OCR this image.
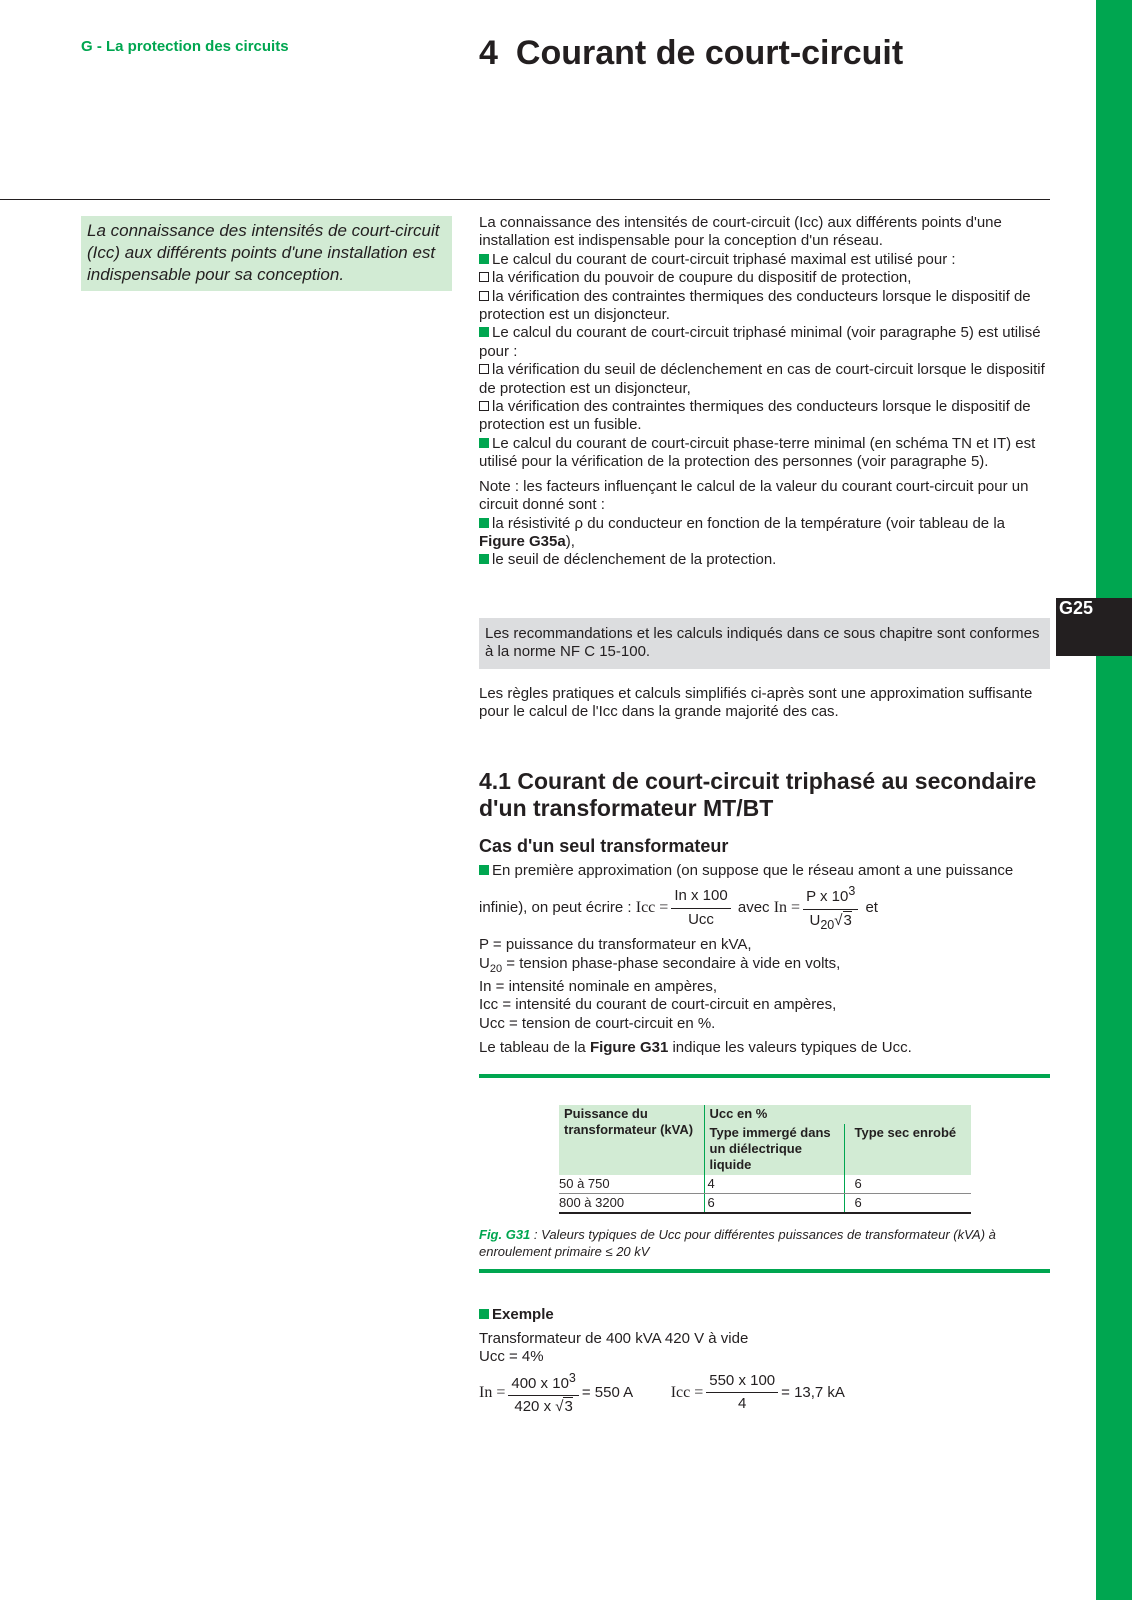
G25
G - La protection des circuits	4 Courant de court-circuit
La connaissance des intensités de court-circuit (Icc) aux différents points d'une installation est indispensable pour sa conception.
La connaissance des intensités de court-circuit (Icc) aux différents points d'une installation est indispensable pour la conception d'un réseau.
Le calcul du courant de court-circuit triphasé maximal est utilisé pour :
la vérification du pouvoir de coupure du dispositif de protection,
la vérification des contraintes thermiques des conducteurs lorsque le dispositif de protection est un disjoncteur.
Le calcul du courant de court-circuit triphasé minimal (voir paragraphe 5) est utilisé pour :
la vérification du seuil de déclenchement en cas de court-circuit lorsque le dispositif de protection est un disjoncteur,
la vérification des contraintes thermiques des conducteurs lorsque le dispositif de protection est un fusible.
Le calcul du courant de court-circuit phase-terre minimal (en schéma TN et IT) est utilisé pour la vérification de la protection des personnes (voir paragraphe 5).
Note : les facteurs influençant le calcul de la valeur du courant court-circuit pour un circuit donné sont :
la résistivité ρ du conducteur en fonction de la température (voir tableau de la Figure G35a),
le seuil de déclenchement de la protection.
Les recommandations et les calculs indiqués dans ce sous chapitre sont conformes à la norme NF C 15-100.
Les règles pratiques et calculs simplifiés ci-après sont une approximation suffisante pour le calcul de l'Icc dans la grande majorité des cas.
4.1 Courant de court-circuit triphasé au secondaire d'un transformateur MT/BT
Cas d'un seul transformateur
En première approximation (on suppose que le réseau amont a une puissance
infinie), on peut écrire : Icc = $\frac{\text{In x 100}}{\text{Ucc}}$ avec $In = \frac{P x 10^3}{U_{20}√3}$ et
P = puissance du transformateur en kVA,
$U_{20}$ = tension phase-phase secondaire à vide en volts,
In = intensité nominale en ampères,
Icc = intensité du courant de court-circuit en ampères,
Ucc = tension de court-circuit en %.
Le tableau de la Figure G31 indique les valeurs typiques de Ucc.
Puissance du transformateur (kVA)	Ucc en %	
	Type immergé dans un diélectrique liquide	Type sec enrobé
50 à 750	4	6
800 à 3200	6	6
Fig. G31 : Valeurs typiques de Ucc pour différentes puissances de transformateur (kVA) à enroulement primaire ≤ 20 kV
Exemple
Transformateur de 400 kVA 420 V à vide
Ucc = 4%
$In = \frac{400 x 10^3}{420 x √3} = 550$ A Icc = $\frac{550 x 100}{4} = 13,7$ kA
